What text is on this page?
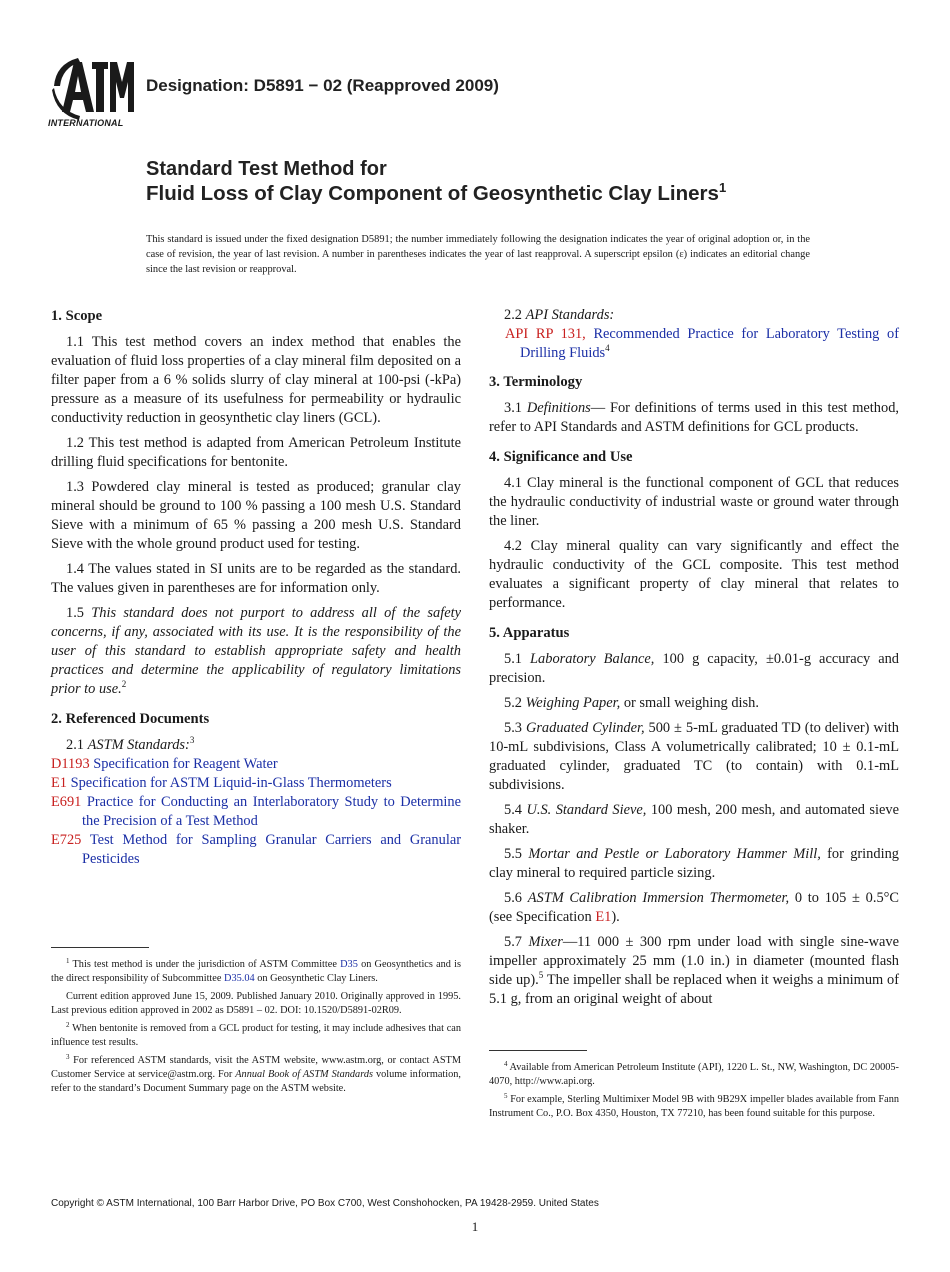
INTERNATIONAL
Designation: D5891 − 02 (Reapproved 2009)
Standard Test Method for
Fluid Loss of Clay Component of Geosynthetic Clay Liners$^1$
This standard is issued under the fixed designation D5891; the number immediately following the designation indicates the year of original adoption or, in the case of revision, the year of last revision. A number in parentheses indicates the year of last reapproval. A superscript epsilon (ε) indicates an editorial change since the last revision or reapproval.
1. Scope

1.1 This test method covers an index method that enables the evaluation of fluid loss properties of a clay mineral film deposited on a filter paper from a 6 % solids slurry of clay mineral at 100-psi (-kPa) pressure as a measure of its usefulness for permeability or hydraulic conductivity reduction in geosynthetic clay liners (GCL).

1.2 This test method is adapted from American Petroleum Institute drilling fluid specifications for bentonite.

1.3 Powdered clay mineral is tested as produced; granular clay mineral should be ground to 100 % passing a 100 mesh U.S. Standard Sieve with a minimum of 65 % passing a 200 mesh U.S. Standard Sieve with the whole ground product used for testing.

1.4 The values stated in SI units are to be regarded as the standard. The values given in parentheses are for information only.

1.5 This standard does not purport to address all of the safety concerns, if any, associated with its use. It is the responsibility of the user of this standard to establish appropriate safety and health practices and determine the applicability of regulatory limitations prior to use.$^2$

2. Referenced Documents

2.1 ASTM Standards:$^3$

D1193 Specification for Reagent Water
E1 Specification for ASTM Liquid-in-Glass Thermometers
E691 Practice for Conducting an Interlaboratory Study to Determine the Precision of a Test Method
E725 Test Method for Sampling Granular Carriers and Granular Pesticides

$^1$ This test method is under the jurisdiction of ASTM Committee D35 on Geosynthetics and is the direct responsibility of Subcommittee D35.04 on Geosynthetic Clay Liners.

Current edition approved June 15, 2009. Published January 2010. Originally approved in 1995. Last previous edition approved in 2002 as D5891 – 02. DOI: 10.1520/D5891-02R09.

$^2$ When bentonite is removed from a GCL product for testing, it may include adhesives that can influence test results.

$^3$ For referenced ASTM standards, visit the ASTM website, www.astm.org, or contact ASTM Customer Service at service@astm.org. For Annual Book of ASTM Standards volume information, refer to the standard’s Document Summary page on the ASTM website.

2.2 API Standards:

API RP 131, Recommended Practice for Laboratory Testing of Drilling Fluids$^4$
3. Terminology

3.1 Definitions— For definitions of terms used in this test method, refer to API Standards and ASTM definitions for GCL products.

4. Significance and Use

4.1 Clay mineral is the functional component of GCL that reduces the hydraulic conductivity of industrial waste or ground water through the liner.

4.2 Clay mineral quality can vary significantly and effect the hydraulic conductivity of the GCL composite. This test method evaluates a significant property of clay mineral that relates to performance.

5. Apparatus

5.1 Laboratory Balance, 100 g capacity, ±0.01-g accuracy and precision.

5.2 Weighing Paper, or small weighing dish.

5.3 Graduated Cylinder, 500 ± 5-mL graduated TD (to deliver) with 10-mL subdivisions, Class A volumetrically calibrated; 10 ± 0.1-mL graduated cylinder, graduated TC (to contain) with 0.1-mL subdivisions.

5.4 U.S. Standard Sieve, 100 mesh, 200 mesh, and automated sieve shaker.

5.5 Mortar and Pestle or Laboratory Hammer Mill, for grinding clay mineral to required particle sizing.

5.6 ASTM Calibration Immersion Thermometer, 0 to 105 ± 0.5°C (see Specification E1).

5.7 Mixer—11 000 ± 300 rpm under load with single sine-wave impeller approximately 25 mm (1.0 in.) in diameter (mounted flash side up).$^5$ The impeller shall be replaced when it weighs a minimum of 5.1 g, from an original weight of about

$^4$ Available from American Petroleum Institute (API), 1220 L. St., NW, Washington, DC 20005-4070, http://www.api.org.

$^5$ For example, Sterling Multimixer Model 9B with 9B29X impeller blades available from Fann Instrument Co., P.O. Box 4350, Houston, TX 77210, has been found suitable for this purpose.

Copyright © ASTM International, 100 Barr Harbor Drive, PO Box C700, West Conshohocken, PA 19428-2959. United States
1
